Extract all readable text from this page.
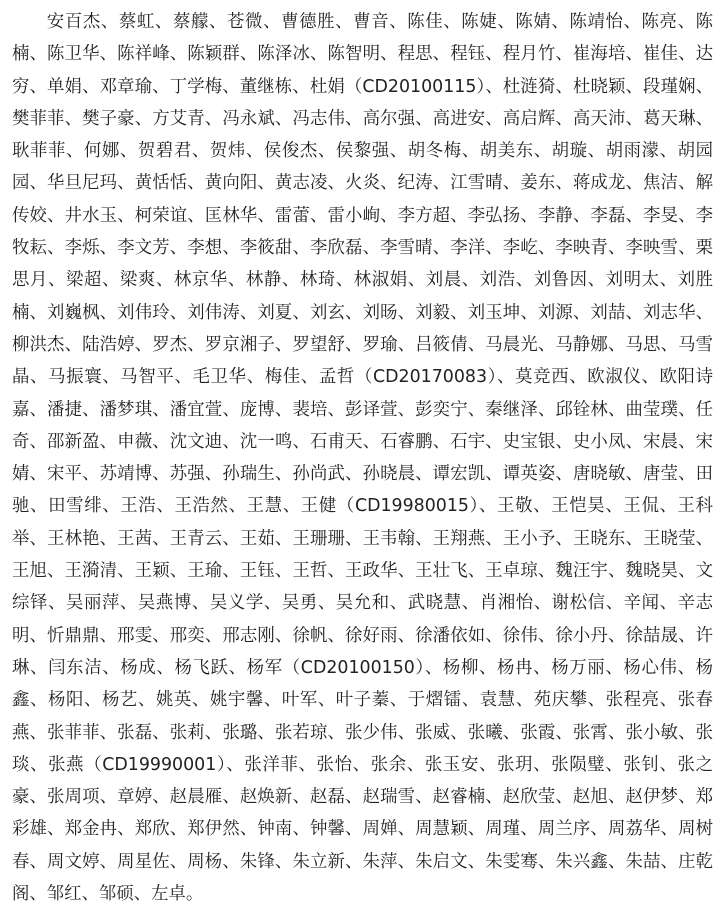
安百杰、蔡虹、蔡艨、苍微、曹德胜、曹音、陈佳、陈婕、陈婧、陈靖怡、陈亮、陈楠、陈卫华、陈祥峰、陈颖群、陈泽冰、陈智明、程思、程钰、程月竹、崔海培、崔佳、达穷、单娟、邓章瑜、丁学梅、董继栋、杜娟（CD20100115）、杜涟猗、杜晓颖、段瑾娴、樊菲菲、樊子豪、方艾青、冯永斌、冯志伟、高尔强、高进安、高启辉、高天沛、葛天琳、耿菲菲、何娜、贺碧君、贺炜、侯俊杰、侯黎强、胡冬梅、胡美东、胡璇、胡雨濛、胡园园、华旦尼玛、黄恬恬、黄向阳、黄志凌、火炎、纪涛、江雪晴、姜东、蒋成龙、焦洁、解传姣、井水玉、柯荣谊、匡林华、雷蕾、雷小峋、李方超、李弘扬、李静、李磊、李旻、李牧耘、李烁、李文芳、李想、李筱甜、李欣磊、李雪晴、李洋、李屹、李映青、李映雪、栗思月、梁超、梁爽、林京华、林静、林琦、林淑娟、刘晨、刘浩、刘鲁因、刘明太、刘胜楠、刘巍枫、刘伟玲、刘伟涛、刘夏、刘玄、刘旸、刘毅、刘玉坤、刘源、刘喆、刘志华、柳洪杰、陆浩婷、罗杰、罗京湘子、罗望舒、罗瑜、吕筱倩、马晨光、马静娜、马思、马雪晶、马振寰、马智平、毛卫华、梅佳、孟哲（CD20170083）、莫竞西、欧淑仪、欧阳诗嘉、潘捷、潘梦琪、潘宜萱、庞博、裴培、彭译萱、彭奕宁、秦继泽、邱铨林、曲莹璞、任奇、邵新盈、申薇、沈文迪、沈一鸣、石甫天、石睿鹏、石宇、史宝银、史小凤、宋晨、宋婧、宋平、苏靖博、苏强、孙瑞生、孙尚武、孙晓晨、谭宏凯、谭英姿、唐晓敏、唐莹、田驰、田雪绯、王浩、王浩然、王慧、王健（CD19980015）、王敬、王恺昊、王侃、王科举、王林艳、王茜、王青云、王茹、王珊珊、王韦翰、王翔燕、王小予、王晓东、王晓莹、王旭、王漪清、王颖、王瑜、王钰、王哲、王政华、王壮飞、王卓琼、魏汪宇、魏晓昊、文综铎、吴丽萍、吴燕博、吴义学、吴勇、吴允和、武晓慧、肖湘怡、谢松信、辛闻、辛志明、忻鼎鼎、邢雯、邢奕、邢志刚、徐帆、徐好雨、徐潘依如、徐伟、徐小丹、徐喆晟、许琳、闫东洁、杨成、杨飞跃、杨军（CD20100150）、杨柳、杨冉、杨万丽、杨心伟、杨鑫、杨阳、杨艺、姚英、姚宇馨、叶军、叶子蓁、于熠镭、袁慧、苑庆攀、张程亮、张春燕、张菲菲、张磊、张莉、张璐、张若琼、张少伟、张威、张曦、张霞、张霄、张小敏、张琰、张燕（CD19990001）、张洋菲、张怡、张余、张玉安、张玥、张陨璧、张钊、张之豪、张周项、章婷、赵晨雁、赵焕新、赵磊、赵瑞雪、赵睿楠、赵欣莹、赵旭、赵伊梦、郑彩雄、郑金冉、郑欣、郑伊然、钟南、钟馨、周婵、周慧颖、周瑾、周兰序、周荔华、周树春、周文婷、周星佐、周杨、朱锋、朱立新、朱萍、朱启文、朱雯骞、朱兴鑫、朱喆、庄乾阁、邹红、邹硕、左卓。
